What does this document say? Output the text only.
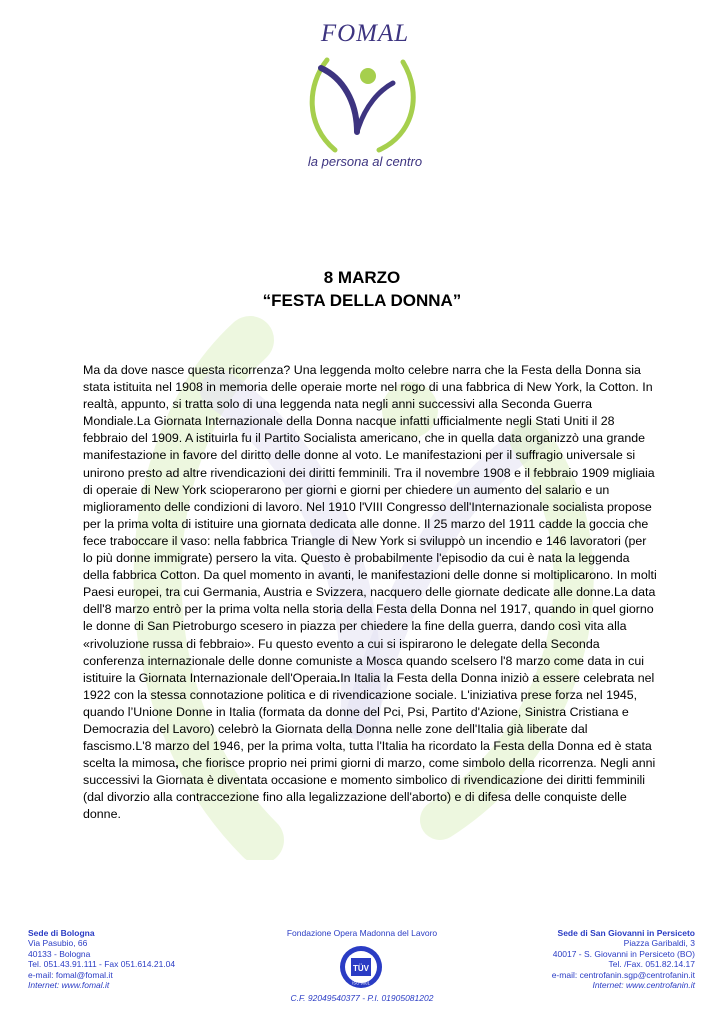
FOMAL
la persona al centro
8 MARZO
“FESTA DELLA DONNA”
Ma da dove nasce questa ricorrenza? Una leggenda molto celebre narra che la Festa della Donna sia stata istituita nel 1908 in memoria delle operaie morte nel rogo di una fabbrica di New York, la Cotton. In realtà, appunto, si tratta solo di una leggenda nata negli anni successivi alla Seconda Guerra Mondiale.La Giornata Internazionale della Donna nacque infatti ufficialmente negli Stati Uniti il 28 febbraio del 1909. A istituirla fu il Partito Socialista americano, che in quella data organizzò una grande manifestazione in favore del diritto delle donne al voto. Le manifestazioni per il suffragio universale si unirono presto ad altre rivendicazioni dei diritti femminili. Tra il novembre 1908 e il febbraio 1909 migliaia di operaie di New York scioperarono per giorni e giorni per chiedere un aumento del salario e un miglioramento delle condizioni di lavoro. Nel 1910 l'VIII Congresso dell'Internazionale socialista propose per la prima volta di istituire una giornata dedicata alle donne. Il 25 marzo del 1911 cadde la goccia che fece traboccare il vaso: nella fabbrica Triangle di New York si sviluppò un incendio e 146 lavoratori (per lo più donne immigrate) persero la vita. Questo è probabilmente l'episodio da cui è nata la leggenda della fabbrica Cotton. Da quel momento in avanti, le manifestazioni delle donne si moltiplicarono. In molti Paesi europei, tra cui Germania, Austria e Svizzera, nacquero delle giornate dedicate alle donne.La data dell'8 marzo entrò per la prima volta nella storia della Festa della Donna nel 1917, quando in quel giorno le donne di San Pietroburgo scesero in piazza per chiedere la fine della guerra, dando così vita alla «rivoluzione russa di febbraio». Fu questo evento a cui si ispirarono le delegate della Seconda conferenza internazionale delle donne comuniste a Mosca quando scelsero l'8 marzo come data in cui istituire la Giornata Internazionale dell'Operaia.In Italia la Festa della Donna iniziò a essere celebrata nel 1922 con la stessa connotazione politica e di rivendicazione sociale. L'iniziativa prese forza nel 1945, quando l’Unione Donne in Italia (formata da donne del Pci, Psi, Partito d'Azione, Sinistra Cristiana e Democrazia del Lavoro) celebrò la Giornata della Donna nelle zone dell'Italia già liberate dal fascismo.L'8 marzo del 1946, per la prima volta, tutta l'Italia ha ricordato la Festa della Donna ed è stata scelta la mimosa, che fiorisce proprio nei primi giorni di marzo, come simbolo della ricorrenza. Negli anni successivi la Giornata è diventata occasione e momento simbolico di rivendicazione dei diritti femminili (dal divorzio alla contraccezione fino alla legalizzazione dell'aborto) e di difesa delle conquiste delle donne.
Sede di Bologna
Via Pasubio, 66
40133 - Bologna
Tel. 051.43.91.111 - Fax 051.614.21.04
e-mail: fomal@fomal.it
Internet: www.fomal.it
Fondazione Opera Madonna del Lavoro
TÜV
ISO 9001
C.F. 92049540377 - P.I. 01905081202
Sede di San Giovanni in Persiceto
Piazza Garibaldi, 3
40017 - S. Giovanni in Persiceto (BO)
Tel. /Fax. 051.82.14.17
e-mail: centrofanin.sgp@centrofanin.it
Internet: www.centrofanin.it
